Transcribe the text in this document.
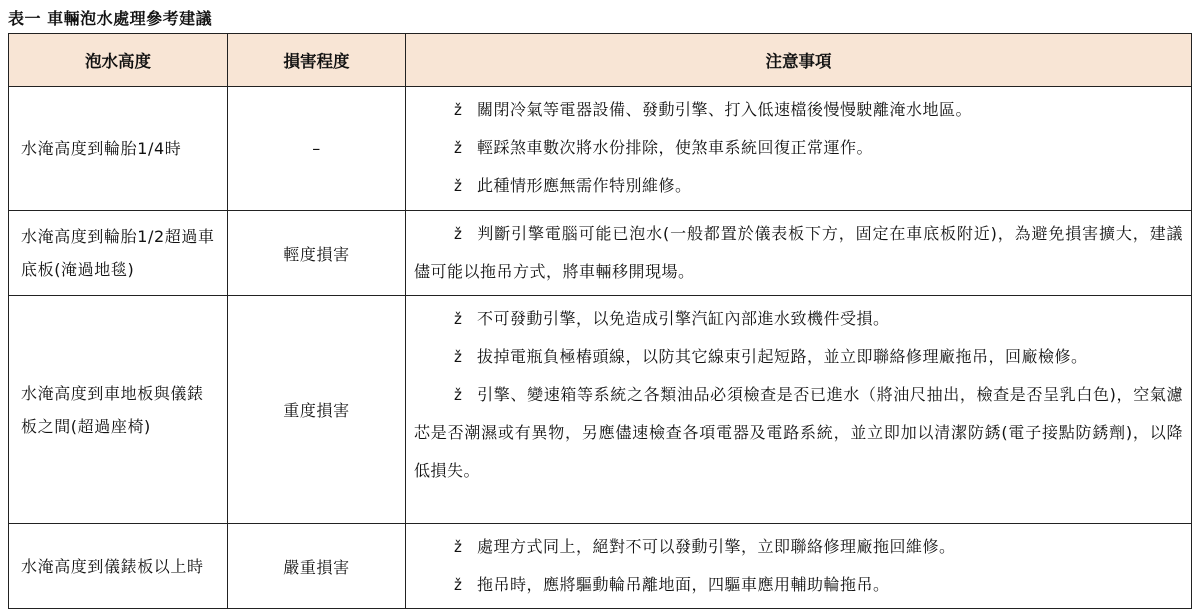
表一 車輛泡水處理參考建議
泡水高度	損害程度	注意事項
水淹高度到輪胎1/4時	–	ž 關閉冷氣等電器設備、發動引擎、打入低速檔後慢慢駛離淹水地區。
ž 輕踩煞車數次將水份排除，使煞車系統回復正常運作。
ž 此種情形應無需作特別維修。

水淹高度到輪胎1/2超過車底板(淹過地毯)	輕度損害	ž 判斷引擎電腦可能已泡水(一般都置於儀表板下方，固定在車底板附近)，為避免損害擴大，建議儘可能以拖吊方式，將車輛移開現場。

水淹高度到車地板與儀錶板之間(超過座椅)	重度損害	ž 不可發動引擎，以免造成引擎汽缸內部進水致機件受損。
ž 拔掉電瓶負極樁頭線，以防其它線束引起短路，並立即聯絡修理廠拖吊，回廠檢修。
ž 引擎、變速箱等系統之各類油品必須檢查是否已進水（將油尺抽出，檢查是否呈乳白色)，空氣濾芯是否潮濕或有異物，另應儘速檢查各項電器及電路系統，並立即加以清潔防銹(電子接點防銹劑)，以降低損失。

水淹高度到儀錶板以上時	嚴重損害	ž 處理方式同上，絕對不可以發動引擎，立即聯絡修理廠拖回維修。
ž 拖吊時，應將驅動輪吊離地面，四驅車應用輔助輪拖吊。
